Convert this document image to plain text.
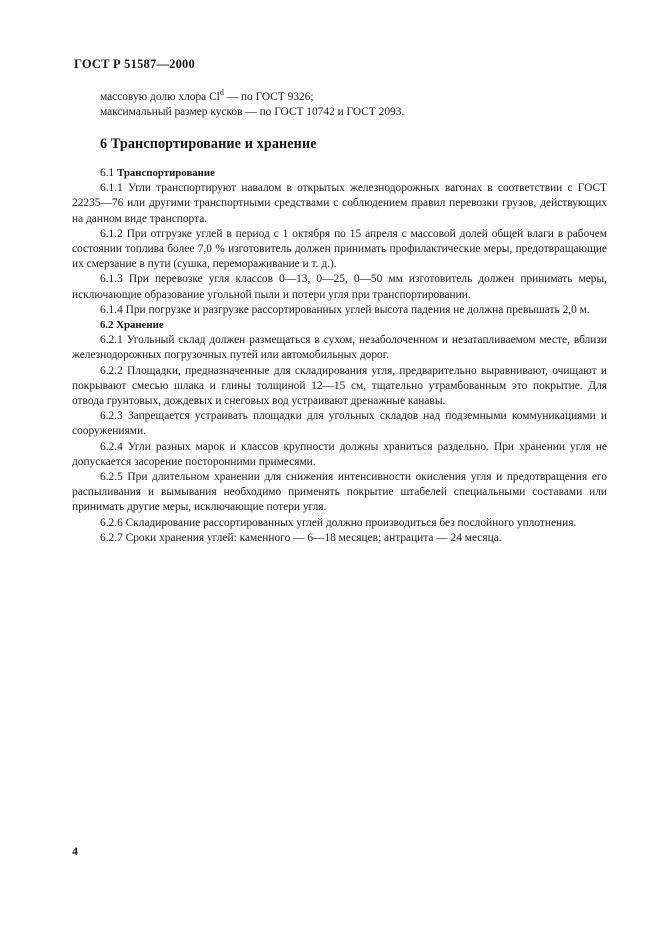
ГОСТ Р 51587—2000

массовую долю хлора Cl$^d$ — по ГОСТ 9326;

максимальный размер кусков — по ГОСТ 10742 и ГОСТ 2093.

6 Транспортирование и хранение

6.1 Транспортирование

6.1.1 Угли транспортируют навалом в открытых железнодорожных вагонах в соответствии с ГОСТ 22235—76 или другими транспортными средствами с соблюдением правил перевозки грузов, действующих на данном виде транспорта.

6.1.2 При отгрузке углей в период с 1 октября по 15 апреля с массовой долей общей влаги в рабочем состоянии топлива более 7,0 % изготовитель должен принимать профилактические меры, предотвращающие их смерзание в пути (сушка, перемораживание и т. д.).

6.1.3 При перевозке угля классов 0—13, 0—25, 0—50 мм изготовитель должен принимать меры, исключающие образование угольной пыли и потери угля при транспортировании.

6.1.4 При погрузке и разгрузке рассортированных углей высота падения не должна превышать 2,0 м.

6.2 Хранение

6.2.1 Угольный склад должен размещаться в сухом, незаболоченном и незатапливаемом месте, вблизи железнодорожных погрузочных путей или автомобильных дорог.

6.2.2 Площадки, предназначенные для складирования угля, предварительно выравнивают, очищают и покрывают смесью шлака и глины толщиной 12—15 см, тщательно утрамбованным это покрытие. Для отвода грунтовых, дождевых и снеговых вод устраивают дренажные канавы.

6.2.3 Запрещается устраивать площадки для угольных складов над подземными коммуникациями и сооружениями.

6.2.4 Угли разных марок и классов крупности должны храниться раздельно. При хранении угля не допускается засорение посторонними примесями.

6.2.5 При длительном хранении для снижения интенсивности окисления угля и предотвращения его распыливания и вымывания необходимо применять покрытие штабелей специальными составами или принимать другие меры, исключающие потери угля.

6.2.6 Складирование рассортированных углей должно производиться без послойного уплотнения.

6.2.7 Сроки хранения углей: каменного — 6—18 месяцев; антрацита — 24 месяца.

4
